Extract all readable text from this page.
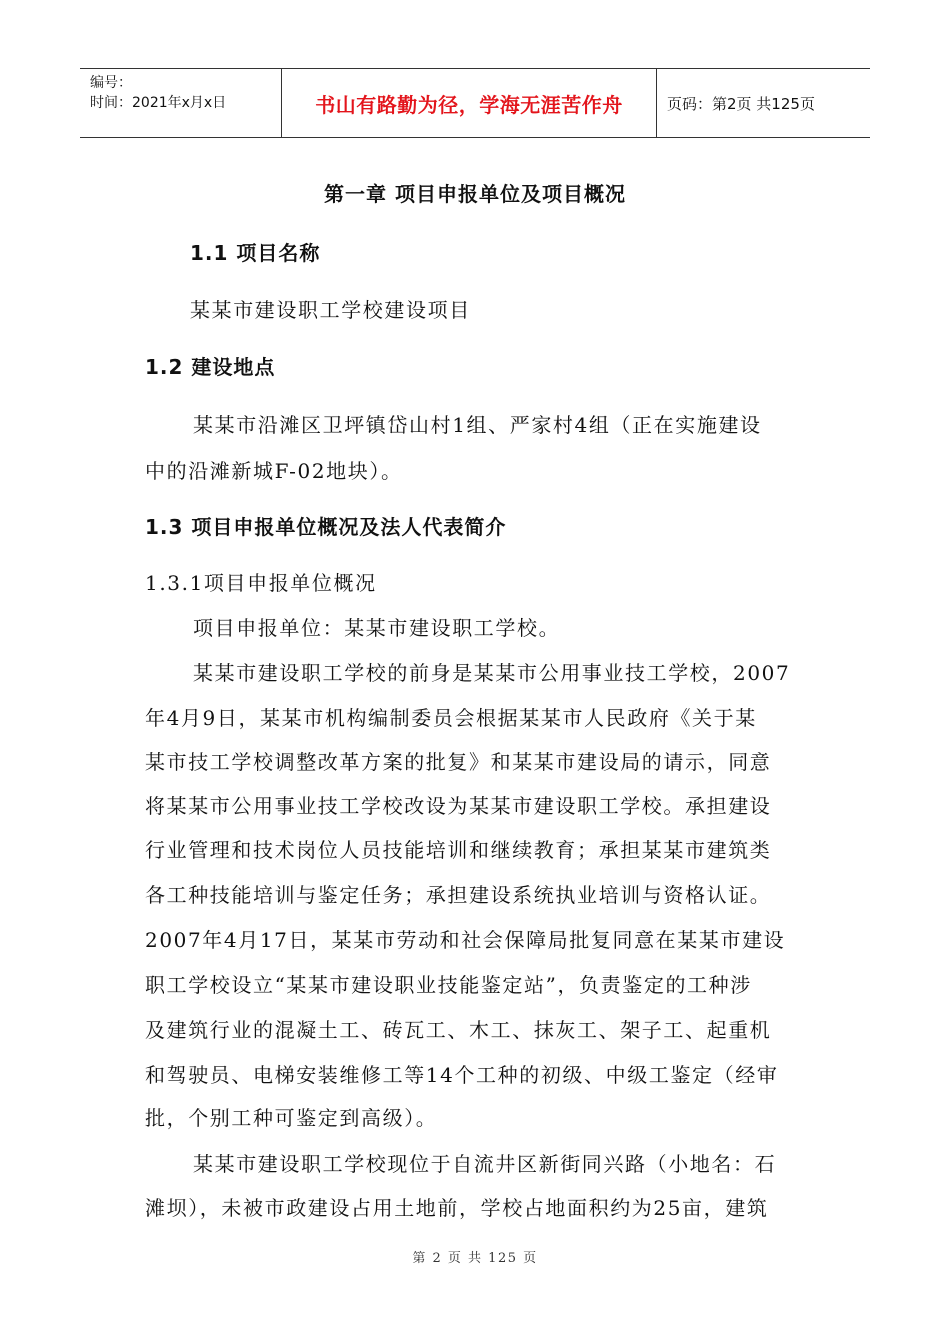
编号：
时间：2021年x月x日	书山有路勤为径，学海无涯苦作舟	页码：第2页 共125页
第一章 项目申报单位及项目概况
1.1 项目名称
某某市建设职工学校建设项目
1.2 建设地点
某某市沿滩区卫坪镇岱山村1组、严家村4组（正在实施建设
中的沿滩新城F-02地块）。
1.3 项目申报单位概况及法人代表简介
1.3.1项目申报单位概况
项目申报单位：某某市建设职工学校。
某某市建设职工学校的前身是某某市公用事业技工学校，2007
年4月9日，某某市机构编制委员会根据某某市人民政府《关于某
某市技工学校调整改革方案的批复》和某某市建设局的请示，同意
将某某市公用事业技工学校改设为某某市建设职工学校。承担建设
行业管理和技术岗位人员技能培训和继续教育；承担某某市建筑类
各工种技能培训与鉴定任务；承担建设系统执业培训与资格认证。
2007年4月17日，某某市劳动和社会保障局批复同意在某某市建设
职工学校设立“某某市建设职业技能鉴定站”，负责鉴定的工种涉
及建筑行业的混凝土工、砖瓦工、木工、抹灰工、架子工、起重机
和驾驶员、电梯安装维修工等14个工种的初级、中级工鉴定（经审
批，个别工种可鉴定到高级）。
某某市建设职工学校现位于自流井区新街同兴路（小地名：石
滩坝），未被市政建设占用土地前，学校占地面积约为25亩，建筑
第 2 页 共 125 页
